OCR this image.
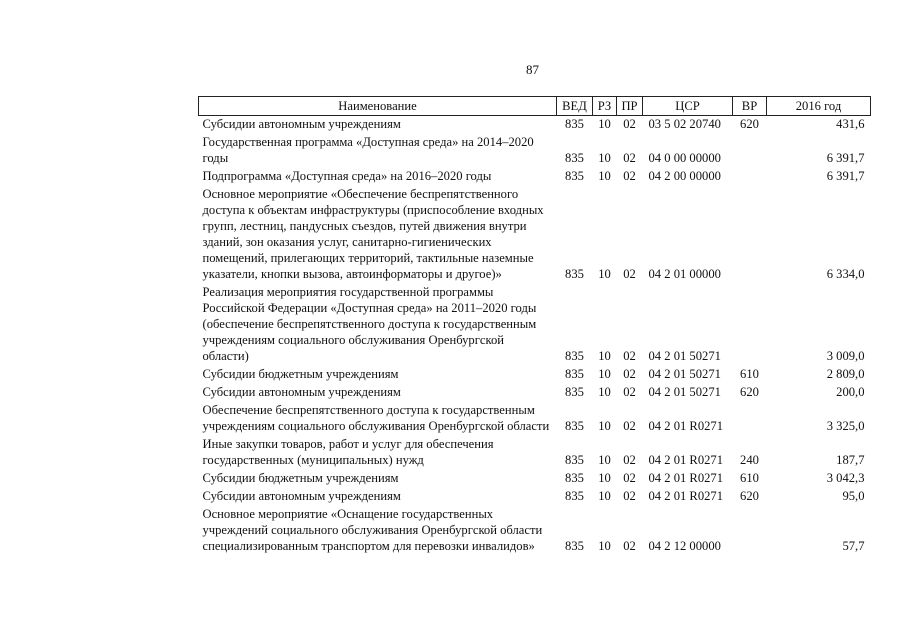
87
Наименование	ВЕД	РЗ	ПР	ЦСР	ВР	2016 год
Субсидии автономным учреждениям	835	10	02	03 5 02 20740	620	431,6
Государственная программа «Доступная среда» на 2014–2020 годы	835	10	02	04 0 00 00000		6 391,7
Подпрограмма «Доступная среда» на 2016–2020 годы	835	10	02	04 2 00 00000		6 391,7
Основное мероприятие «Обеспечение беспрепятственного доступа к объектам инфраструктуры (приспособление входных групп, лестниц, пандусных съездов, путей движения внутри зданий, зон оказания услуг, санитарно-гигиенических помещений, прилегающих территорий, тактильные наземные указатели, кнопки вызова, автоинформаторы и другое)»	835	10	02	04 2 01 00000		6 334,0
Реализация мероприятия государственной программы Российской Федерации «Доступная среда» на 2011–2020 годы (обеспечение беспрепятственного доступа к государственным учреждениям социального обслуживания Оренбургской области)	835	10	02	04 2 01 50271		3 009,0
Субсидии бюджетным учреждениям	835	10	02	04 2 01 50271	610	2 809,0
Субсидии автономным учреждениям	835	10	02	04 2 01 50271	620	200,0
Обеспечение беспрепятственного доступа к государственным учреждениям социального обслуживания Оренбургской области	835	10	02	04 2 01 R0271		3 325,0
Иные закупки товаров, работ и услуг для обеспечения государственных (муниципальных) нужд	835	10	02	04 2 01 R0271	240	187,7
Субсидии бюджетным учреждениям	835	10	02	04 2 01 R0271	610	3 042,3
Субсидии автономным учреждениям	835	10	02	04 2 01 R0271	620	95,0
Основное мероприятие «Оснащение государственных учреждений социального обслуживания Оренбургской области специализированным транспортом для перевозки инвалидов»	835	10	02	04 2 12 00000		57,7
